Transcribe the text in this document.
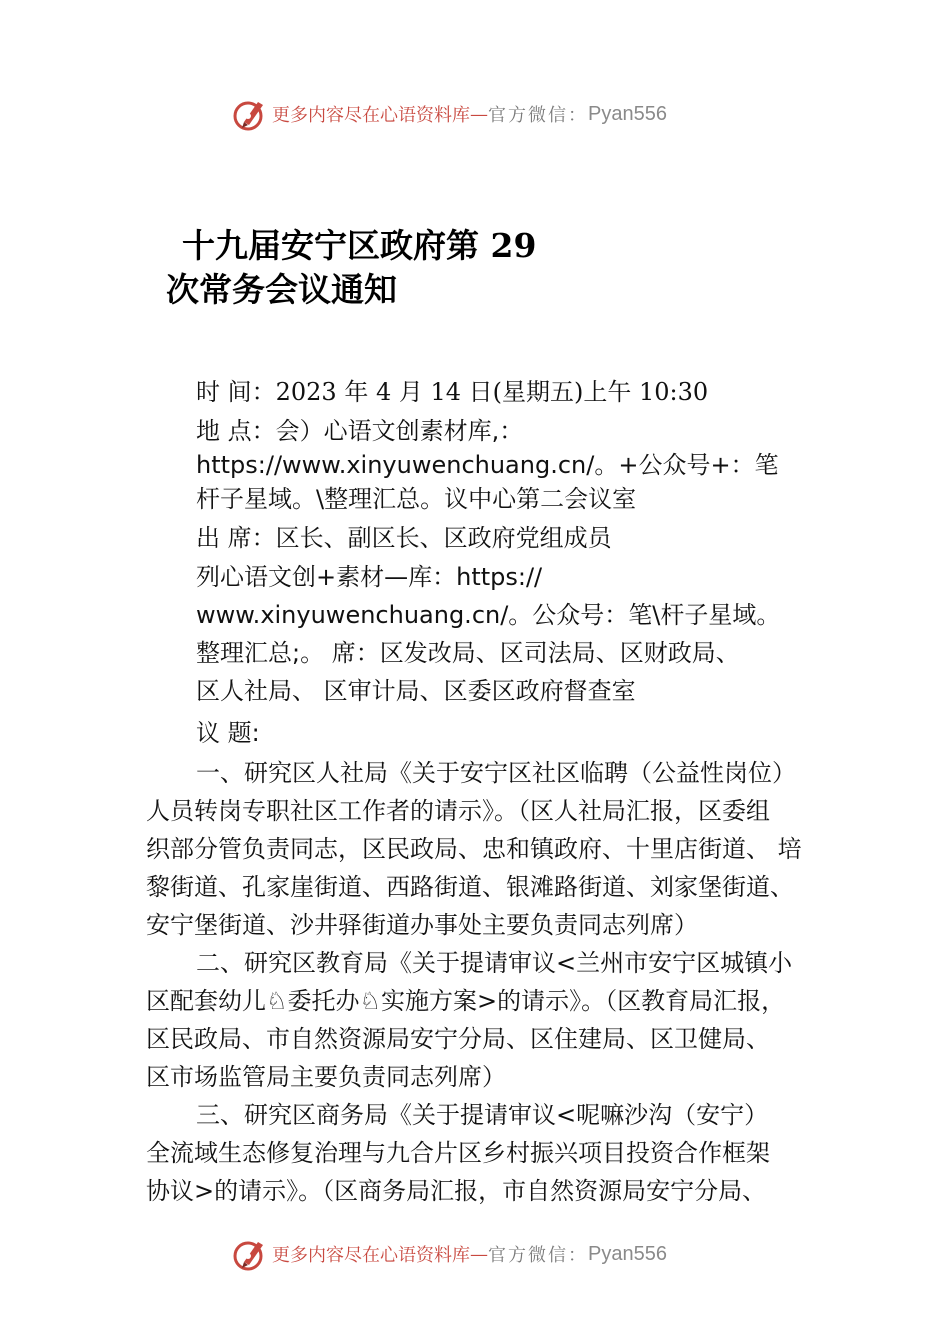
更多内容尽在心语资料库 — 官方微信： Pyan556
十九届安宁区政府第 29
次常务会议通知
时 间：2023 年 4 月 14 日(星期五)上午 10:30
地 点：会）心语文创素材库,：
https://www.xinyuwenchuang.cn/。+公众号+：笔
杆子星域。\整理汇总。议中心第二会议室
出 席：区长、副区长、区政府党组成员
列心语文创+素材—库：https://
www.xinyuwenchuang.cn/。公众号：笔\杆子星域。
整理汇总;。 席：区发改局、区司法局、区财政局、
区人社局、 区审计局、区委区政府督查室
议 题:
一、研究区人社局《关于安宁区社区临聘（公益性岗位）
人员转岗专职社区工作者的请示》。（区人社局汇报，区委组
织部分管负责同志，区民政局、忠和镇政府、十里店街道、 培
黎街道、孔家崖街道、西路街道、银滩路街道、刘家堡街道、
安宁堡街道、沙井驿街道办事处主要负责同志列席）
二、研究区教育局《关于提请审议<兰州市安宁区城镇小
区配套幼儿♘委托办♘实施方案>的请示》。（区教育局汇报，
区民政局、市自然资源局安宁分局、区住建局、区卫健局、
区市场监管局主要负责同志列席）
三、研究区商务局《关于提请审议<呢嘛沙沟（安宁）
全流域生态修复治理与九合片区乡村振兴项目投资合作框架
协议>的请示》。（区商务局汇报，市自然资源局安宁分局、
更多内容尽在心语资料库 — 官方微信： Pyan556
